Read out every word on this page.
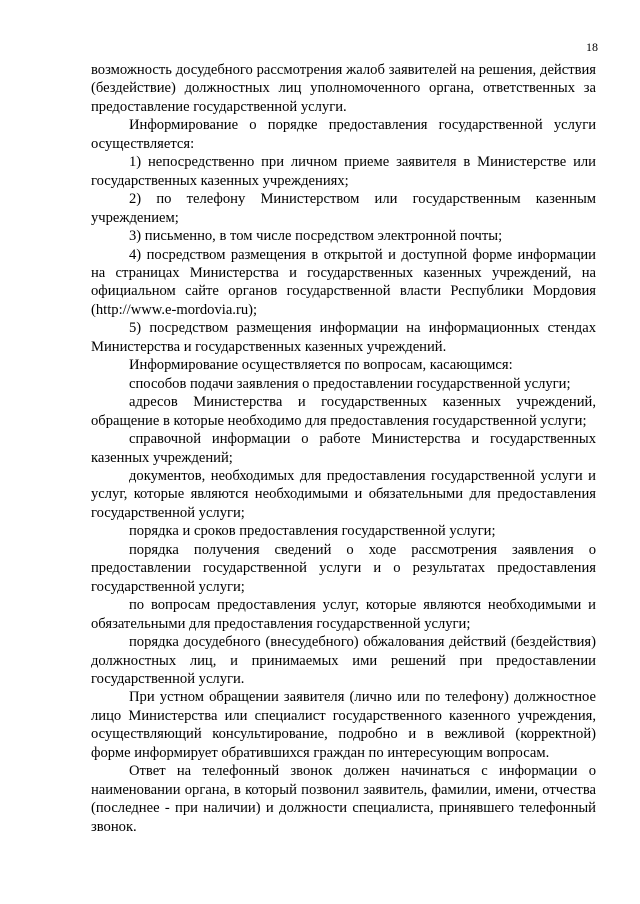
18

возможность досудебного рассмотрения жалоб заявителей на решения, действия (бездействие) должностных лиц уполномоченного органа, ответственных за предоставление государственной услуги.

Информирование о порядке предоставления государственной услуги осуществляется:

1) непосредственно при личном приеме заявителя в Министерстве или государственных казенных учреждениях;

2) по телефону Министерством или государственным казенным учреждением;

3) письменно, в том числе посредством электронной почты;

4) посредством размещения в открытой и доступной форме информации на страницах Министерства и государственных казенных учреждений, на официальном сайте органов государственной власти Республики Мордовия (http://www.e-mordovia.ru);

5) посредством размещения информации на информационных стендах Министерства и государственных казенных учреждений.

Информирование осуществляется по вопросам, касающимся:

способов подачи заявления о предоставлении государственной услуги;

адресов Министерства и государственных казенных учреждений, обращение в которые необходимо для предоставления государственной услуги;

справочной информации о работе Министерства и государственных казенных учреждений;

документов, необходимых для предоставления государственной услуги и услуг, которые являются необходимыми и обязательными для предоставления государственной услуги;

порядка и сроков предоставления государственной услуги;

порядка получения сведений о ходе рассмотрения заявления о предоставлении государственной услуги и о результатах предоставления государственной услуги;

по вопросам предоставления услуг, которые являются необходимыми и обязательными для предоставления государственной услуги;

порядка досудебного (внесудебного) обжалования действий (бездействия) должностных лиц, и принимаемых ими решений при предоставлении государственной услуги.

При устном обращении заявителя (лично или по телефону) должностное лицо Министерства или специалист государственного казенного учреждения, осуществляющий консультирование, подробно и в вежливой (корректной) форме информирует обратившихся граждан по интересующим вопросам.

Ответ на телефонный звонок должен начинаться с информации о наименовании органа, в который позвонил заявитель, фамилии, имени, отчества (последнее - при наличии) и должности специалиста, принявшего телефонный звонок.
